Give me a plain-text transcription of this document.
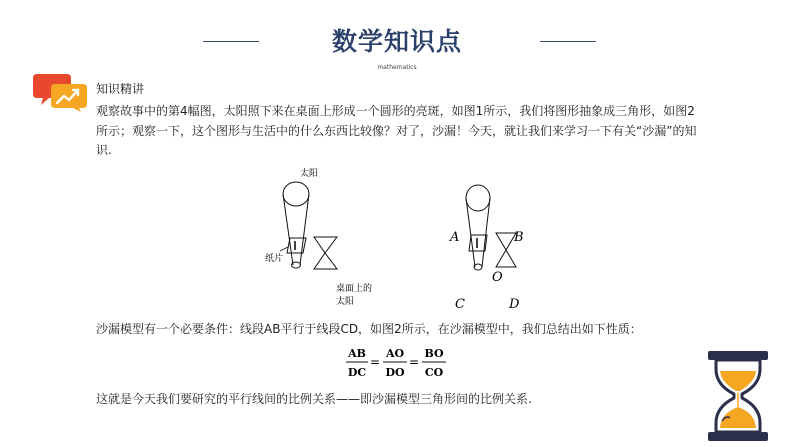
数学知识点
mathematics
知识精讲
观察故事中的第4幅图，太阳照下来在桌面上形成一个圆形的亮斑，如图1所示，我们将图形抽象成三角形，如图2所示；观察一下，这个图形与生活中的什么东西比较像？对了，沙漏！今天，就让我们来学习一下有关“沙漏”的知识.
太阳
纸片
桌面上的
太阳
A	B
O
C	D
沙漏模型有一个必要条件：线段AB平行于线段CD，如图2所示，在沙漏模型中，我们总结出如下性质：
AB
DC
=
AO
DO
=
BO
CO
这就是今天我们要研究的平行线间的比例关系——即沙漏模型三角形间的比例关系.
